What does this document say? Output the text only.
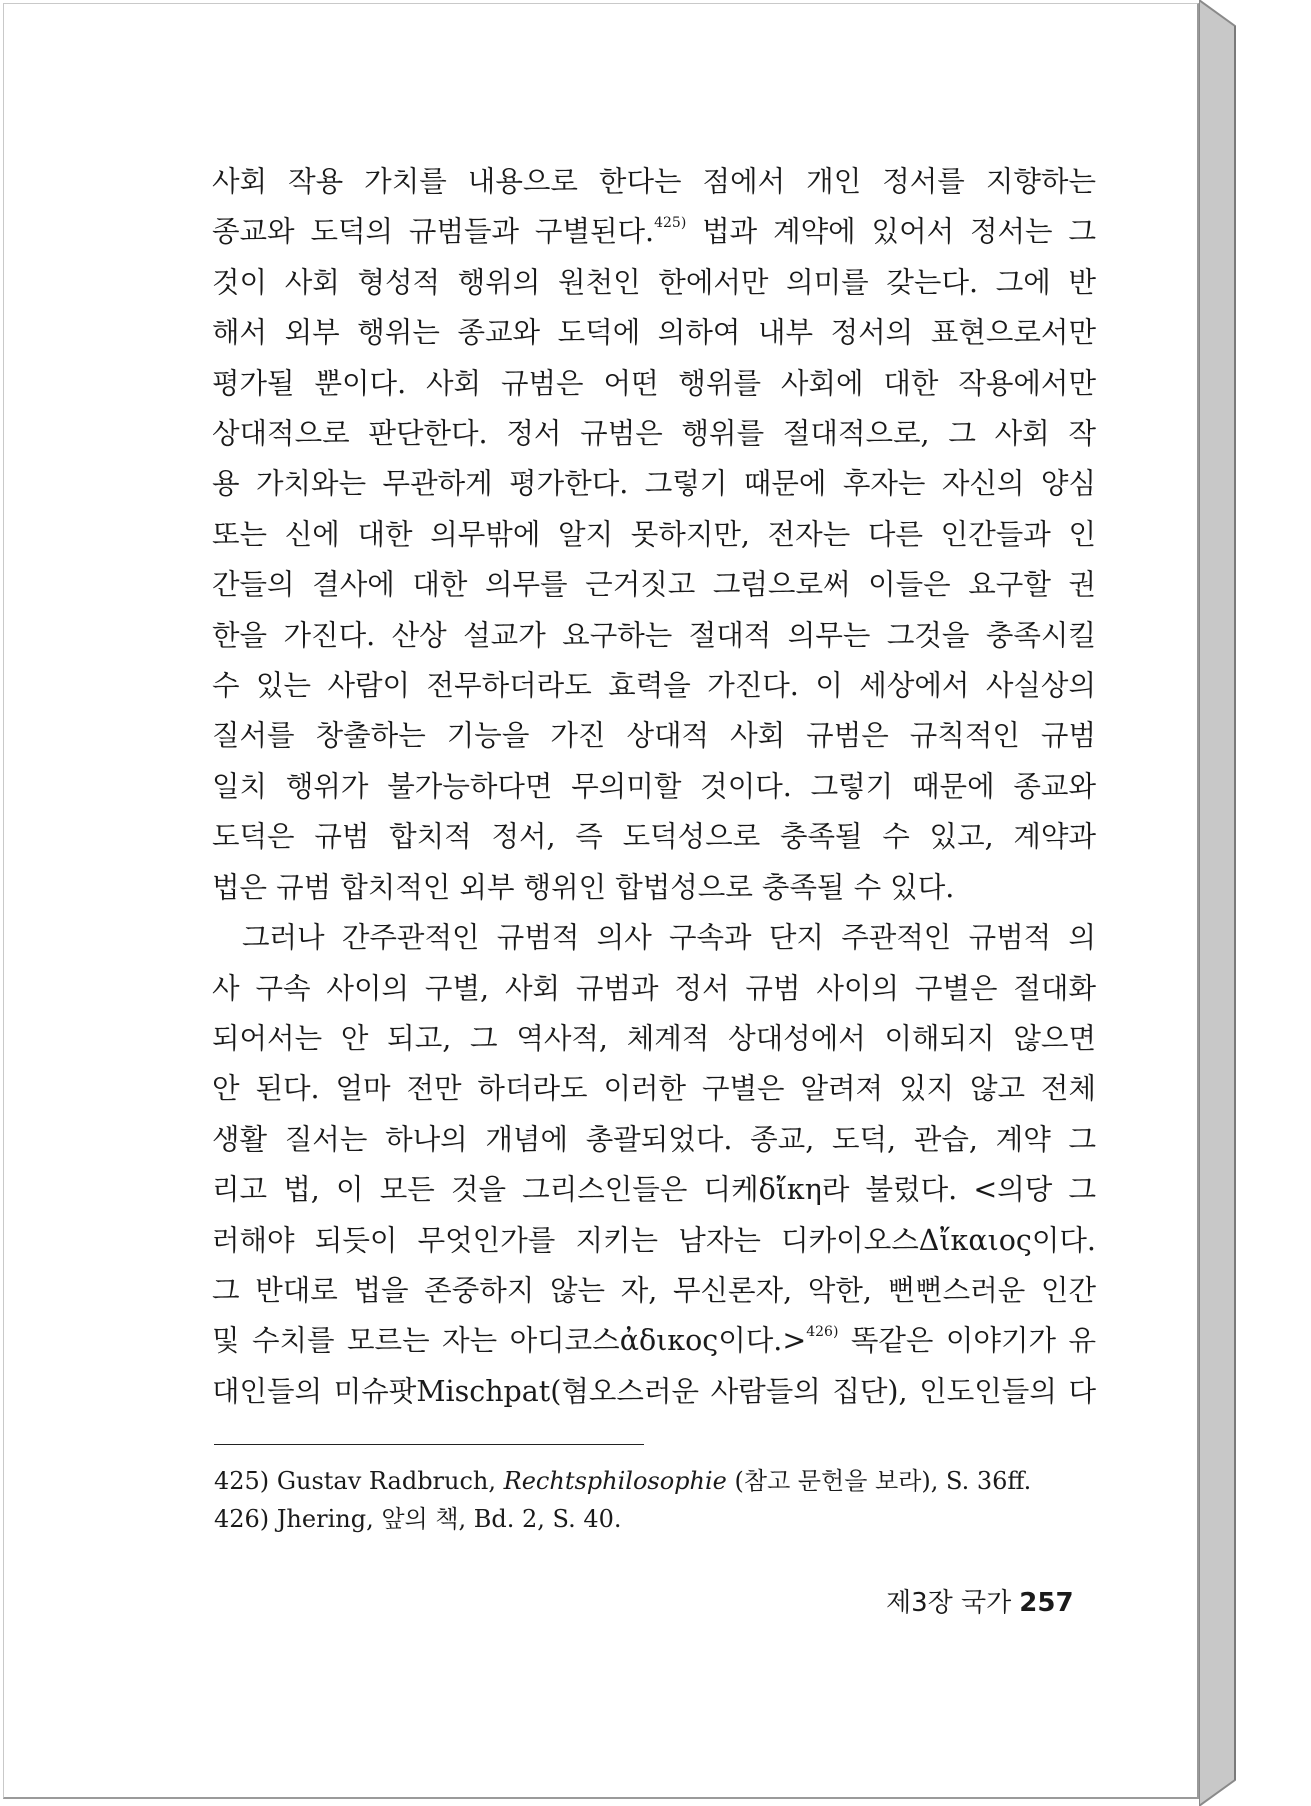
사회 작용 가치를 내용으로 한다는 점에서 개인 정서를 지향하는
종교와 도덕의 규범들과 구별된다.$^{425)}$ 법과 계약에 있어서 정서는 그
것이 사회 형성적 행위의 원천인 한에서만 의미를 갖는다. 그에 반
해서 외부 행위는 종교와 도덕에 의하여 내부 정서의 표현으로서만
평가될 뿐이다. 사회 규범은 어떤 행위를 사회에 대한 작용에서만
상대적으로 판단한다. 정서 규범은 행위를 절대적으로, 그 사회 작
용 가치와는 무관하게 평가한다. 그렇기 때문에 후자는 자신의 양심
또는 신에 대한 의무밖에 알지 못하지만, 전자는 다른 인간들과 인
간들의 결사에 대한 의무를 근거짓고 그럼으로써 이들은 요구할 권
한을 가진다. 산상 설교가 요구하는 절대적 의무는 그것을 충족시킬
수 있는 사람이 전무하더라도 효력을 가진다. 이 세상에서 사실상의
질서를 창출하는 기능을 가진 상대적 사회 규범은 규칙적인 규범
일치 행위가 불가능하다면 무의미할 것이다. 그렇기 때문에 종교와
도덕은 규범 합치적 정서, 즉 도덕성으로 충족될 수 있고, 계약과
법은 규범 합치적인 외부 행위인 합법성으로 충족될 수 있다.
그러나 간주관적인 규범적 의사 구속과 단지 주관적인 규범적 의
사 구속 사이의 구별, 사회 규범과 정서 규범 사이의 구별은 절대화
되어서는 안 되고, 그 역사적, 체계적 상대성에서 이해되지 않으면
안 된다. 얼마 전만 하더라도 이러한 구별은 알려져 있지 않고 전체
생활 질서는 하나의 개념에 총괄되었다. 종교, 도덕, 관습, 계약 그
리고 법, 이 모든 것을 그리스인들은 디케δἴκη라 불렀다. <의당 그
러해야 되듯이 무엇인가를 지키는 남자는 디카이오스Δἴκαιος이다.
그 반대로 법을 존중하지 않는 자, 무신론자, 악한, 뻔뻔스러운 인간
및 수치를 모르는 자는 아디코스ἀδικος이다.>$^{426)}$ 똑같은 이야기가 유
대인들의 미슈팟Mischpat(혐오스러운 사람들의 집단), 인도인들의 다
425) Gustav Radbruch, Rechtsphilosophie (참고 문헌을 보라), S. 36ff.
426) Jhering, 앞의 책, Bd. 2, S. 40.
제3장 국가 257
